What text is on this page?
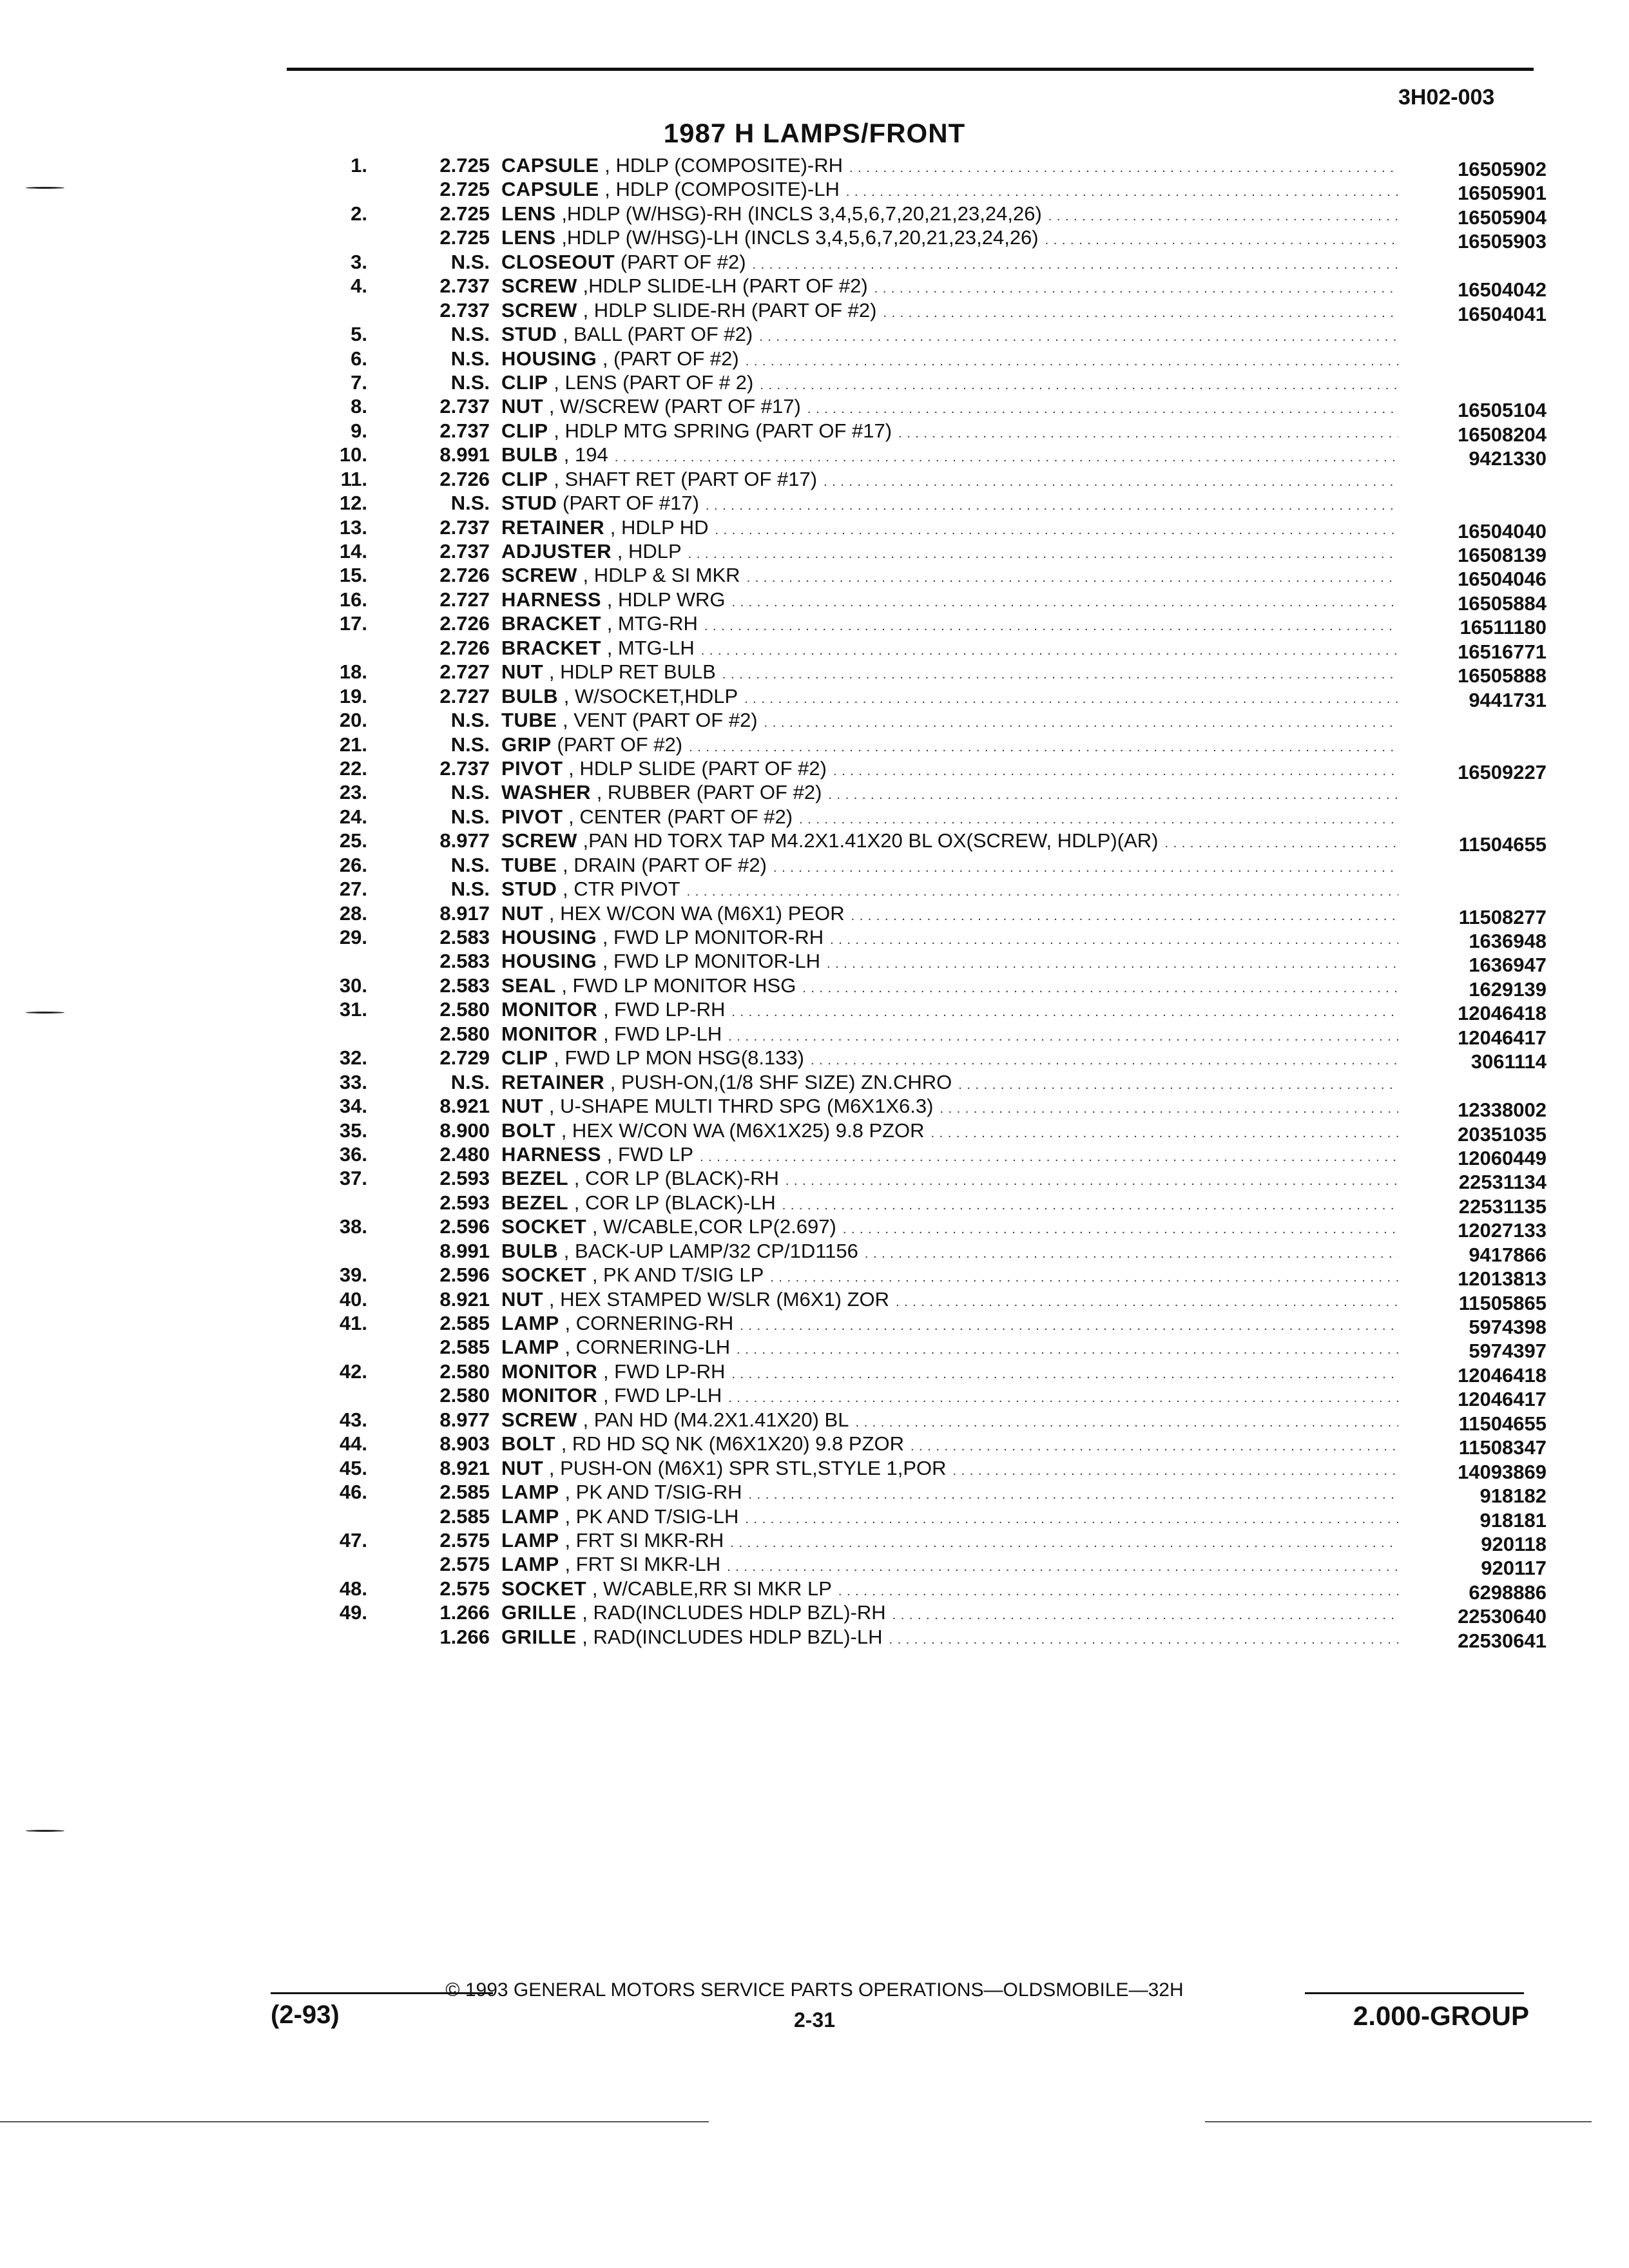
3H02-003
1987 H LAMPS/FRONT
1.	2.725 CAPSULE , HDLP (COMPOSITE)-RH . . .	16505902
2.725 CAPSULE , HDLP (COMPOSITE)-LH . . .	16505901
2.	2.725 LENS ,HDLP (W/HSG)-RH (INCLS 3,4,5,6,7,20,21,23,24,26) . . .	16505904
2.725 LENS ,HDLP (W/HSG)-LH (INCLS 3,4,5,6,7,20,21,23,24,26) . . .	16505903
3.	N.S. CLOSEOUT (PART OF #2) . . .
4.	2.737 SCREW ,HDLP SLIDE-LH (PART OF #2) . . .	16504042
2.737 SCREW , HDLP SLIDE-RH (PART OF #2) . . .	16504041
5.	N.S. STUD , BALL (PART OF #2) . . .
6.	N.S. HOUSING , (PART OF #2) . . .
7.	N.S. CLIP , LENS (PART OF # 2) . . .
8.	2.737 NUT , W/SCREW (PART OF #17) . . .	16505104
9.	2.737 CLIP , HDLP MTG SPRING (PART OF #17) . . .	16508204
10.	8.991 BULB , 194 . . .	9421330
11.	2.726 CLIP , SHAFT RET (PART OF #17) . . .
12.	N.S. STUD (PART OF #17) . . .
13.	2.737 RETAINER , HDLP HD . . .	16504040
14.	2.737 ADJUSTER , HDLP . . .	16508139
15.	2.726 SCREW , HDLP & SI MKR . . .	16504046
16.	2.727 HARNESS , HDLP WRG . . .	16505884
17.	2.726 BRACKET , MTG-RH . . .	16511180
2.726 BRACKET , MTG-LH . . .	16516771
18.	2.727 NUT , HDLP RET BULB . . .	16505888
19.	2.727 BULB , W/SOCKET,HDLP . . .	9441731
20.	N.S. TUBE , VENT (PART OF #2) . . .
21.	N.S. GRIP (PART OF #2) . . .
22.	2.737 PIVOT , HDLP SLIDE (PART OF #2) . . .	16509227
23.	N.S. WASHER , RUBBER (PART OF #2) . . .
24.	N.S. PIVOT , CENTER (PART OF #2) . . .
25.	8.977 SCREW ,PAN HD TORX TAP M4.2X1.41X20 BL OX(SCREW, HDLP)(AR) . . .	11504655
26.	N.S. TUBE , DRAIN (PART OF #2) . . .
27.	N.S. STUD , CTR PIVOT . . .
28.	8.917 NUT , HEX W/CON WA (M6X1) PEOR . . .	11508277
29.	2.583 HOUSING , FWD LP MONITOR-RH . . .	1636948
2.583 HOUSING , FWD LP MONITOR-LH . . .	1636947
30.	2.583 SEAL , FWD LP MONITOR HSG . . .	1629139
31.	2.580 MONITOR , FWD LP-RH . . .	12046418
2.580 MONITOR , FWD LP-LH . . .	12046417
32.	2.729 CLIP , FWD LP MON HSG(8.133) . . .	3061114
33.	N.S. RETAINER , PUSH-ON,(1/8 SHF SIZE) ZN.CHRO . . .
34.	8.921 NUT , U-SHAPE MULTI THRD SPG (M6X1X6.3) . . .	12338002
35.	8.900 BOLT , HEX W/CON WA (M6X1X25) 9.8 PZOR . . .	20351035
36.	2.480 HARNESS , FWD LP . . .	12060449
37.	2.593 BEZEL , COR LP (BLACK)-RH . . .	22531134
2.593 BEZEL , COR LP (BLACK)-LH . . .	22531135
38.	2.596 SOCKET , W/CABLE,COR LP(2.697) . . .	12027133
8.991 BULB , BACK-UP LAMP/32 CP/1D1156 . . .	9417866
39.	2.596 SOCKET , PK AND T/SIG LP . . .	12013813
40.	8.921 NUT , HEX STAMPED W/SLR (M6X1) ZOR . . .	11505865
41.	2.585 LAMP , CORNERING-RH . . .	5974398
2.585 LAMP , CORNERING-LH . . .	5974397
42.	2.580 MONITOR , FWD LP-RH . . .	12046418
2.580 MONITOR , FWD LP-LH . . .	12046417
43.	8.977 SCREW , PAN HD (M4.2X1.41X20) BL . . .	11504655
44.	8.903 BOLT , RD HD SQ NK (M6X1X20) 9.8 PZOR . . .	11508347
45.	8.921 NUT , PUSH-ON (M6X1) SPR STL,STYLE 1,POR . . .	14093869
46.	2.585 LAMP , PK AND T/SIG-RH . . .	918182
2.585 LAMP , PK AND T/SIG-LH . . .	918181
47.	2.575 LAMP , FRT SI MKR-RH . . .	920118
2.575 LAMP , FRT SI MKR-LH . . .	920117
48.	2.575 SOCKET , W/CABLE,RR SI MKR LP . . .	6298886
49.	1.266 GRILLE , RAD(INCLUDES HDLP BZL)-RH . . .	22530640
1.266 GRILLE , RAD(INCLUDES HDLP BZL)-LH . . .	22530641
© 1993 GENERAL MOTORS SERVICE PARTS OPERATIONS—OLDSMOBILE—32H
(2-93)	2-31	2.000-GROUP
